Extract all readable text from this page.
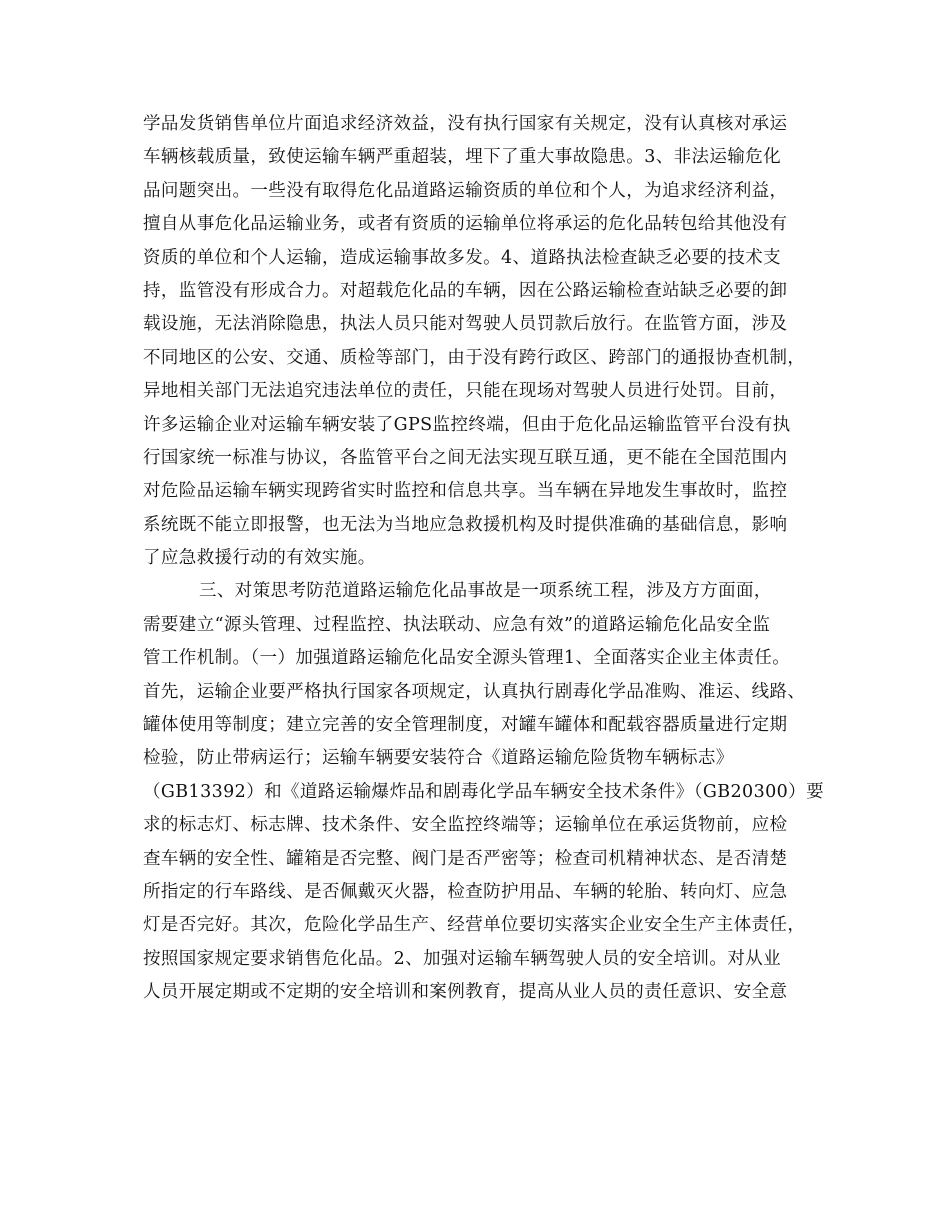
学品发货销售单位片面追求经济效益，没有执行国家有关规定，没有认真核对承运
车辆核载质量，致使运输车辆严重超装，埋下了重大事故隐患。3、非法运输危化
品问题突出。一些没有取得危化品道路运输资质的单位和个人，为追求经济利益，
擅自从事危化品运输业务，或者有资质的运输单位将承运的危化品转包给其他没有
资质的单位和个人运输，造成运输事故多发。4、道路执法检查缺乏必要的技术支
持，监管没有形成合力。对超载危化品的车辆，因在公路运输检查站缺乏必要的卸
载设施，无法消除隐患，执法人员只能对驾驶人员罚款后放行。在监管方面，涉及
不同地区的公安、交通、质检等部门，由于没有跨行政区、跨部门的通报协查机制，
异地相关部门无法追究违法单位的责任，只能在现场对驾驶人员进行处罚。目前，
许多运输企业对运输车辆安装了GPS监控终端，但由于危化品运输监管平台没有执
行国家统一标准与协议，各监管平台之间无法实现互联互通，更不能在全国范围内
对危险品运输车辆实现跨省实时监控和信息共享。当车辆在异地发生事故时，监控
系统既不能立即报警，也无法为当地应急救援机构及时提供准确的基础信息，影响
了应急救援行动的有效实施。
三、对策思考防范道路运输危化品事故是一项系统工程，涉及方方面面，
需要建立“源头管理、过程监控、执法联动、应急有效”的道路运输危化品安全监
管工作机制。（一）加强道路运输危化品安全源头管理1、全面落实企业主体责任。
首先，运输企业要严格执行国家各项规定，认真执行剧毒化学品准购、准运、线路、
罐体使用等制度；建立完善的安全管理制度，对罐车罐体和配载容器质量进行定期
检验，防止带病运行；运输车辆要安装符合《道路运输危险货物车辆标志》
（GB13392）和《道路运输爆炸品和剧毒化学品车辆安全技术条件》（GB20300）要
求的标志灯、标志牌、技术条件、安全监控终端等；运输单位在承运货物前，应检
查车辆的安全性、罐箱是否完整、阀门是否严密等；检查司机精神状态、是否清楚
所指定的行车路线、是否佩戴灭火器，检查防护用品、车辆的轮胎、转向灯、应急
灯是否完好。其次，危险化学品生产、经营单位要切实落实企业安全生产主体责任，
按照国家规定要求销售危化品。2、加强对运输车辆驾驶人员的安全培训。对从业
人员开展定期或不定期的安全培训和案例教育，提高从业人员的责任意识、安全意
